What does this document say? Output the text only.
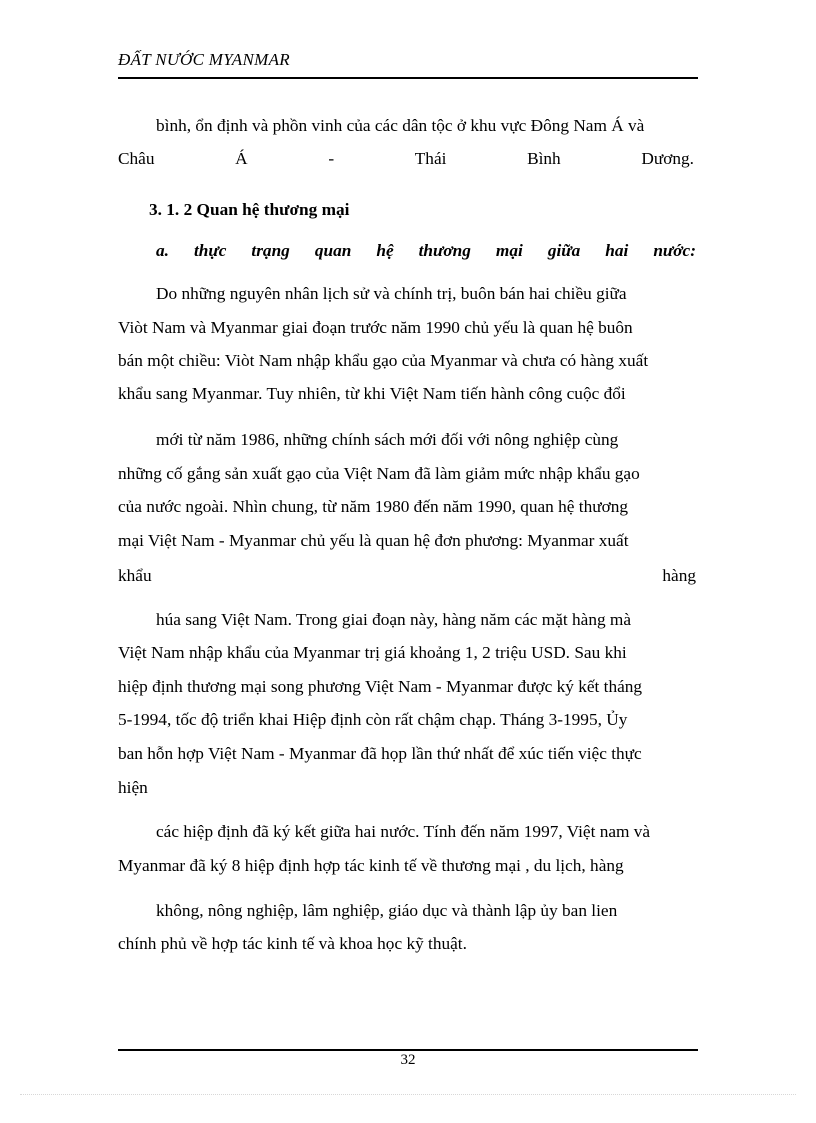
ĐẤT NƯỚC MYANMAR
bình, ổn định và phồn vinh của các dân tộc ở khu vực Đông Nam Á và
Châu	Á	-	Thái	Bình	Dương.
3. 1. 2 Quan hệ thương mại
a. thực trạng quan hệ thương mại giữa hai nước:
Do những nguyên nhân lịch sử và chính trị, buôn bán hai chiều giữa
Viòt Nam và Myanmar giai đoạn trước năm 1990 chủ yếu là quan hệ buôn
bán một chiều: Viòt Nam nhập khẩu gạo của Myanmar và chưa có hàng xuất
khẩu sang Myanmar. Tuy nhiên, từ khi Việt Nam tiến hành công cuộc đổi
mới từ năm 1986, những chính sách mới đối với nông nghiệp cùng
những cố gắng sản xuất gạo của Việt Nam đã làm giảm mức nhập khẩu gạo
của nước ngoài. Nhìn chung, từ năm 1980 đến năm 1990, quan hệ thương
mại Việt Nam - Myanmar chủ yếu là quan hệ đơn phương: Myanmar xuất
khẩu	hàng
húa sang Việt Nam. Trong giai đoạn này, hàng năm các mặt hàng mà
Việt Nam nhập khẩu của Myanmar trị giá khoảng 1, 2 triệu USD. Sau khi
hiệp định thương mại song phương Việt Nam - Myanmar được ký kết tháng
5-1994, tốc độ triển khai Hiệp định còn rất chậm chạp. Tháng 3-1995, Ủy
ban hỗn hợp Việt Nam - Myanmar đã họp lần thứ nhất để xúc tiến việc thực
hiện
các hiệp định đã ký kết giữa hai nước. Tính đến năm 1997, Việt nam và
Myanmar đã ký 8 hiệp định hợp tác kinh tế về thương mại , du lịch, hàng
không, nông nghiệp, lâm nghiệp, giáo dục và thành lập ủy ban lien
chính phủ về hợp tác kinh tế và khoa học kỹ thuật.
32
